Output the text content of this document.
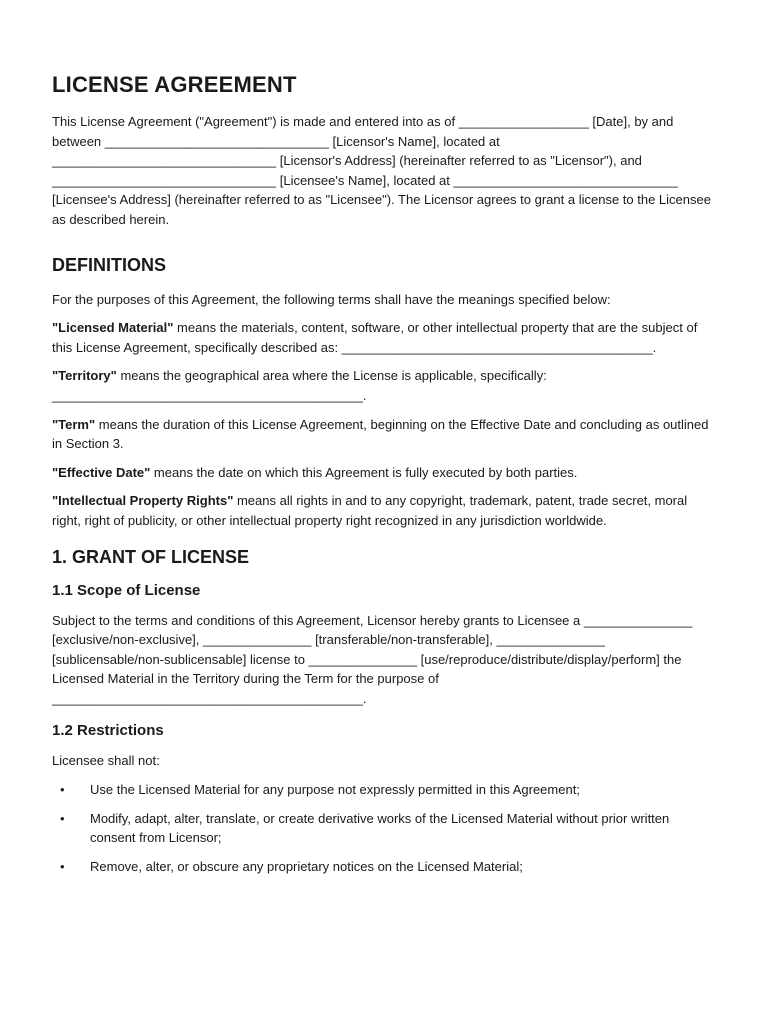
LICENSE AGREEMENT

This License Agreement ("Agreement") is made and entered into as of __________________ [Date], by and between _______________________________ [Licensor's Name], located at _______________________________ [Licensor's Address] (hereinafter referred to as "Licensor"), and _______________________________ [Licensee's Name], located at _______________________________ [Licensee's Address] (hereinafter referred to as "Licensee"). The Licensor agrees to grant a license to the Licensee as described herein.

DEFINITIONS

For the purposes of this Agreement, the following terms shall have the meanings specified below:

"Licensed Material" means the materials, content, software, or other intellectual property that are the subject of this License Agreement, specifically described as: ___________________________________________.

"Territory" means the geographical area where the License is applicable, specifically: ___________________________________________.

"Term" means the duration of this License Agreement, beginning on the Effective Date and concluding as outlined in Section 3.

"Effective Date" means the date on which this Agreement is fully executed by both parties.

"Intellectual Property Rights" means all rights in and to any copyright, trademark, patent, trade secret, moral right, right of publicity, or other intellectual property right recognized in any jurisdiction worldwide.

1. GRANT OF LICENSE
1.1 Scope of License

Subject to the terms and conditions of this Agreement, Licensor hereby grants to Licensee a _______________ [exclusive/non-exclusive], _______________ [transferable/non-transferable], _______________ [sublicensable/non-sublicensable] license to _______________ [use/reproduce/distribute/display/perform] the Licensed Material in the Territory during the Term for the purpose of ___________________________________________.

1.2 Restrictions

Licensee shall not:

• Use the Licensed Material for any purpose not expressly permitted in this Agreement;
• Modify, adapt, alter, translate, or create derivative works of the Licensed Material without prior written consent from Licensor;
• Remove, alter, or obscure any proprietary notices on the Licensed Material;
